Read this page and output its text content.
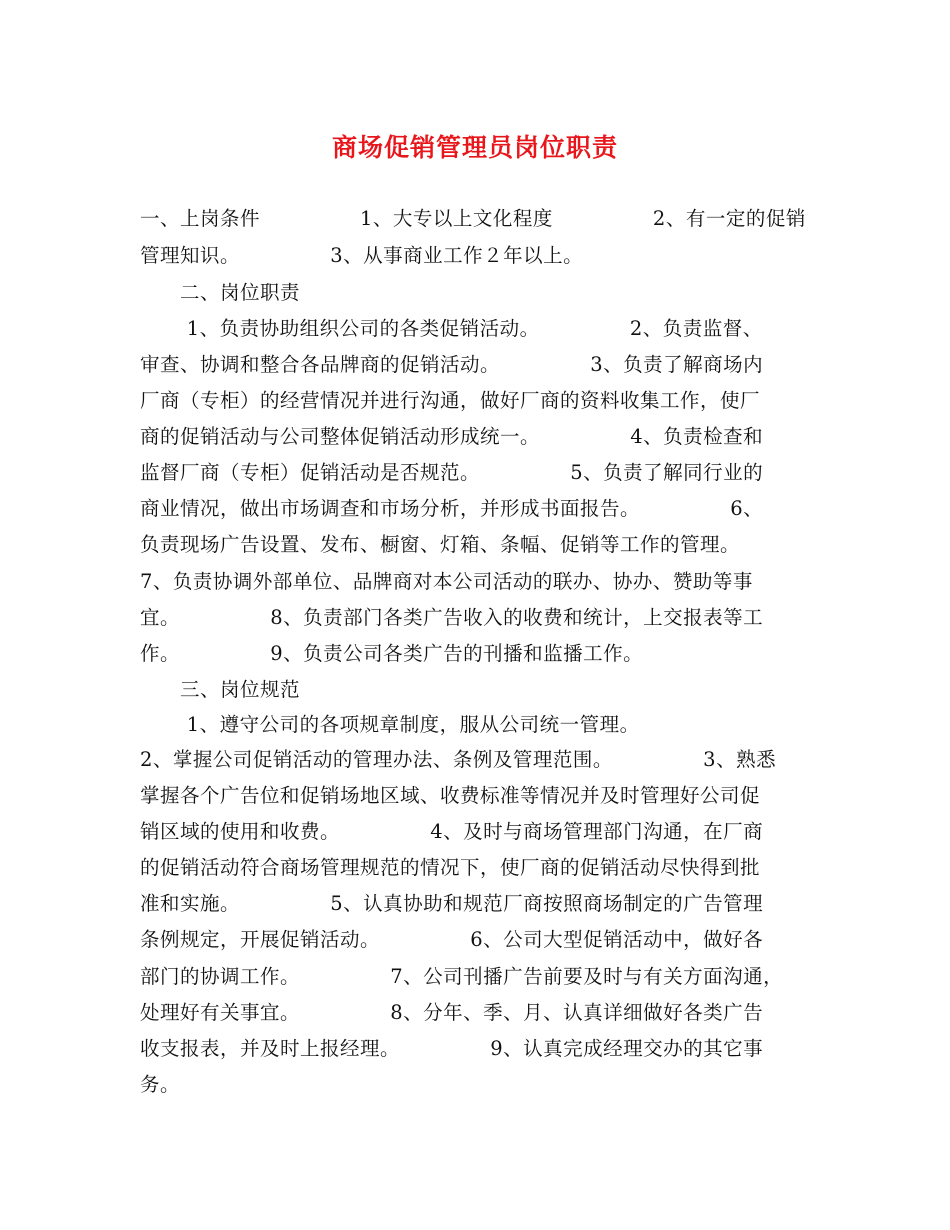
商场促销管理员岗位职责
一、上岗条件　　　　　1、大专以上文化程度　　　　　2、有一定的促销
管理知识。　　　　　3、从事商业工作２年以上。
　　二、岗位职责
　　 1、负责协助组织公司的各类促销活动。　　　　　2、负责监督、
审查、协调和整合各品牌商的促销活动。　　　　　3、负责了解商场内
厂商（专柜）的经营情况并进行沟通，做好厂商的资料收集工作，使厂
商的促销活动与公司整体促销活动形成统一。　　　　　4、负责检查和
监督厂商（专柜）促销活动是否规范。　　　　　5、负责了解同行业的
商业情况，做出市场调查和市场分析，并形成书面报告。　　　　　6、
负责现场广告设置、发布、橱窗、灯箱、条幅、促销等工作的管理。
7、负责协调外部单位、品牌商对本公司活动的联办、协办、赞助等事
宜。　　　　　8、负责部门各类广告收入的收费和统计，上交报表等工
作。　　　　　9、负责公司各类广告的刊播和监播工作。
　　三、岗位规范
　　 1、遵守公司的各项规章制度，服从公司统一管理。
2、掌握公司促销活动的管理办法、条例及管理范围。　　　　　3、熟悉
掌握各个广告位和促销场地区域、收费标准等情况并及时管理好公司促
销区域的使用和收费。　　　　　4、及时与商场管理部门沟通，在厂商
的促销活动符合商场管理规范的情况下，使厂商的促销活动尽快得到批
准和实施。　　　　　5、认真协助和规范厂商按照商场制定的广告管理
条例规定，开展促销活动。　　　　　6、公司大型促销活动中，做好各
部门的协调工作。　　　　　7、公司刊播广告前要及时与有关方面沟通，
处理好有关事宜。　　　　　8、分年、季、月、认真详细做好各类广告
收支报表，并及时上报经理。　　　　　9、认真完成经理交办的其它事
务。
